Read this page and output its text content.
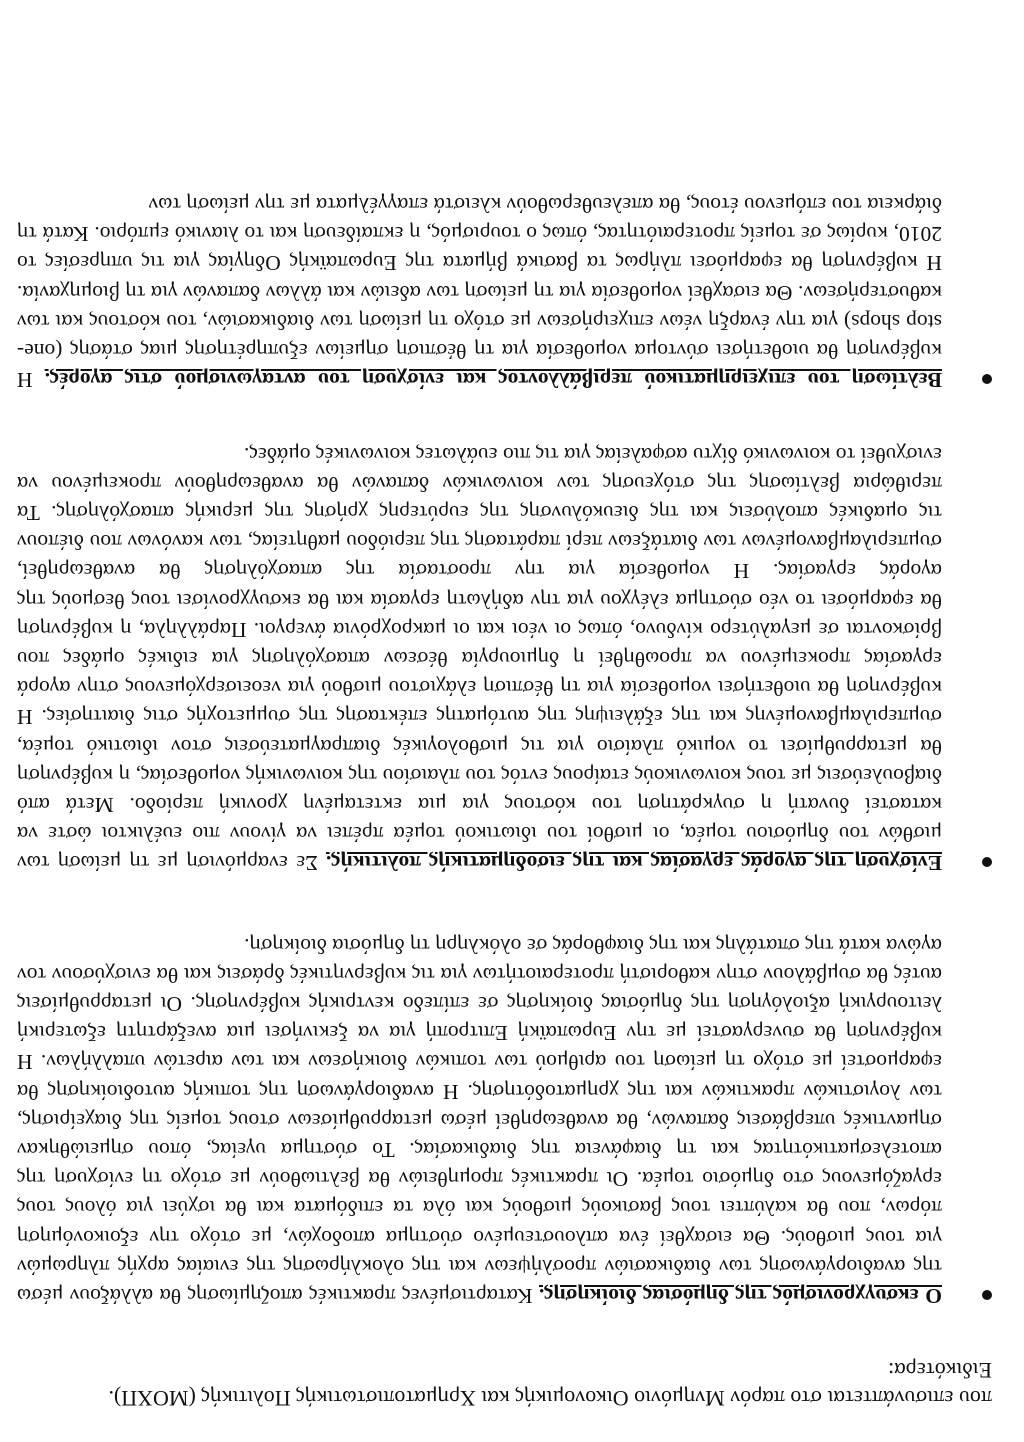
που επισυνάπτεται στο παρόν Μνημόνιο Οικονομικής και Χρηματοπιστωτικής Πολιτικής (ΜΟΧΠ).

Ειδικότερα:

Ο εκσυγχρονισμός της δημόσιας διοίκησης. Καταρτισμένες πρακτικές αποζημίωσης θα αλλάξουν μέσω της αναδιοργάνωσης των διαδικασιών προσλήψεων και της ολοκλήρωσης της ενιαίας αρχής πληρωμών για τους μισθούς. Θα εισαχθεί ένα απλουστευμένο σύστημα αποδοχών, με στόχο την εξοικονόμηση πόρων, που θα καλύπτει τους βασικούς μισθούς και όλα τα επιδόματα και θα ισχύει για όλους τους εργαζόμενους στο δημόσιο τομέα. Οι πρακτικές προμηθειών θα βελτιωθούν με στόχο τη ενίσχυση της αποτελεσματικότητας και τη διαφάνεια της διαδικασίας. Το σύστημα υγείας, όπου σημειώθηκαν σημαντικές υπερβάσεις δαπανών, θα αναθεωρηθεί μέσω μεταρρυθμίσεων στους τομείς της διαχείρισης, των λογιστικών πρακτικών και της χρηματοδότησης. Η αναδιοργάνωση της τοπικής αυτοδιοίκησης θα εφαρμοστεί με στόχο τη μείωση του αριθμού των τοπικών διοικήσεων και των αιρετών υπαλλήλων. Η κυβέρνηση θα συνεργαστεί με την Ευρωπαϊκή Επιτροπή για να ξεκινήσει μια ανεξάρτητη εξωτερική λειτουργική αξιολόγηση της δημόσιας διοίκησης σε επίπεδο κεντρικής κυβέρνησης. Οι μεταρρυθμίσεις αυτές θα συμβάλουν στην καθοριστή προτεραιοτήτων για τις κυβερνητικές δράσεις και θα ενισχύσουν τον αγώνα κατά της σπατάλης και της διαφθοράς σε ολόκληρη τη δημόσια διοίκηση.
Ενίσχυση της αγοράς εργασίας και της εισοδηματικής πολιτικής. Σε εναρμόνιση με τη μείωση των μισθών του δημόσιου τομέα, οι μισθοί του ιδιωτικού τομέα πρέπει να γίνουν πιο ευέλικτοι ώστε να καταστεί δυνατή η συγκράτηση του κόστους για μια εκτεταμένη χρονική περίοδο. Μετά από διαβουλεύσεις με τους κοινωνικούς εταίρους εντός του πλαισίου της κοινωνικής νομοθεσίας, η κυβέρνηση θα μεταρρυθμίσει το νομικό πλαίσιο για τις μισθολογικές διαπραγματεύσεις στον ιδιωτικό τομέα, συμπεριλαμβανομένης και της εξάλειψης της αυτόματης επέκτασης της συμμετοχής στις διαιτησίες. Η κυβέρνηση θα υιοθετήσει νομοθεσία για τη θέσπιση ελάχιστου μισθού για νεοεισερχόμενους στην αγορά εργασίας προκειμένου να προωθηθεί η δημιουργία θέσεων απασχόλησης για ειδικές ομάδες που βρίσκονται σε μεγαλύτερο κίνδυνο, όπως οι νέοι και οι μακροχρόνια άνεργοι. Παράλληλα, η κυβέρνηση θα εφαρμόσει το νέο σύστημα ελέγχου για την αδήλωτη εργασία και θα εκσυγχρονίσει τους θεσμούς της αγοράς εργασίας. Η νομοθεσία για την προστασία της απασχόλησης θα αναθεωρηθεί, συμπεριλαμβανομένων των διατάξεων περί παράτασης της περιόδου μαθητείας, των κανόνων που διέπουν τις ομαδικές απολύσεις και της διευκόλυνσης της ευρύτερης χρήσης της μερικής απασχόλησης. Τα περιθώρια βελτίωσης της στόχευσης των κοινωνικών δαπανών θα αναθεωρηθούν προκειμένου να ενισχυθεί το κοινωνικό δίχτυ ασφαλείας για τις πιο ευάλωτες κοινωνικές ομάδες.
Βελτίωση του επιχειρηματικού περιβάλλοντος και ενίσχυση του ανταγωνισμού στις αγορές. Η κυβέρνηση θα υιοθετήσει σύντομα νομοθεσία για τη θέσπιση σημείων εξυπηρέτησης μιας στάσης (one-stop shops) για την έναρξη νέων επιχειρήσεων με στόχο τη μείωση των διαδικασιών, του κόστους και των καθυστερήσεων. Θα εισαχθεί νομοθεσία για τη μείωση των αδειών και άλλων δαπανών για τη βιομηχανία. Η κυβέρνηση θα εφαρμόσει πλήρως τα βασικά βήματα της Ευρωπαϊκής Οδηγίας για τις υπηρεσίες το 2010, κυρίως σε τομείς προτεραιότητας, όπως ο τουρισμός, η εκπαίδευση και το λιανικό εμπόριο. Κατά τη διάρκεια του επόμενου έτους, θα απελευθερωθούν κλειστά επαγγέλματα με την μείωση των
